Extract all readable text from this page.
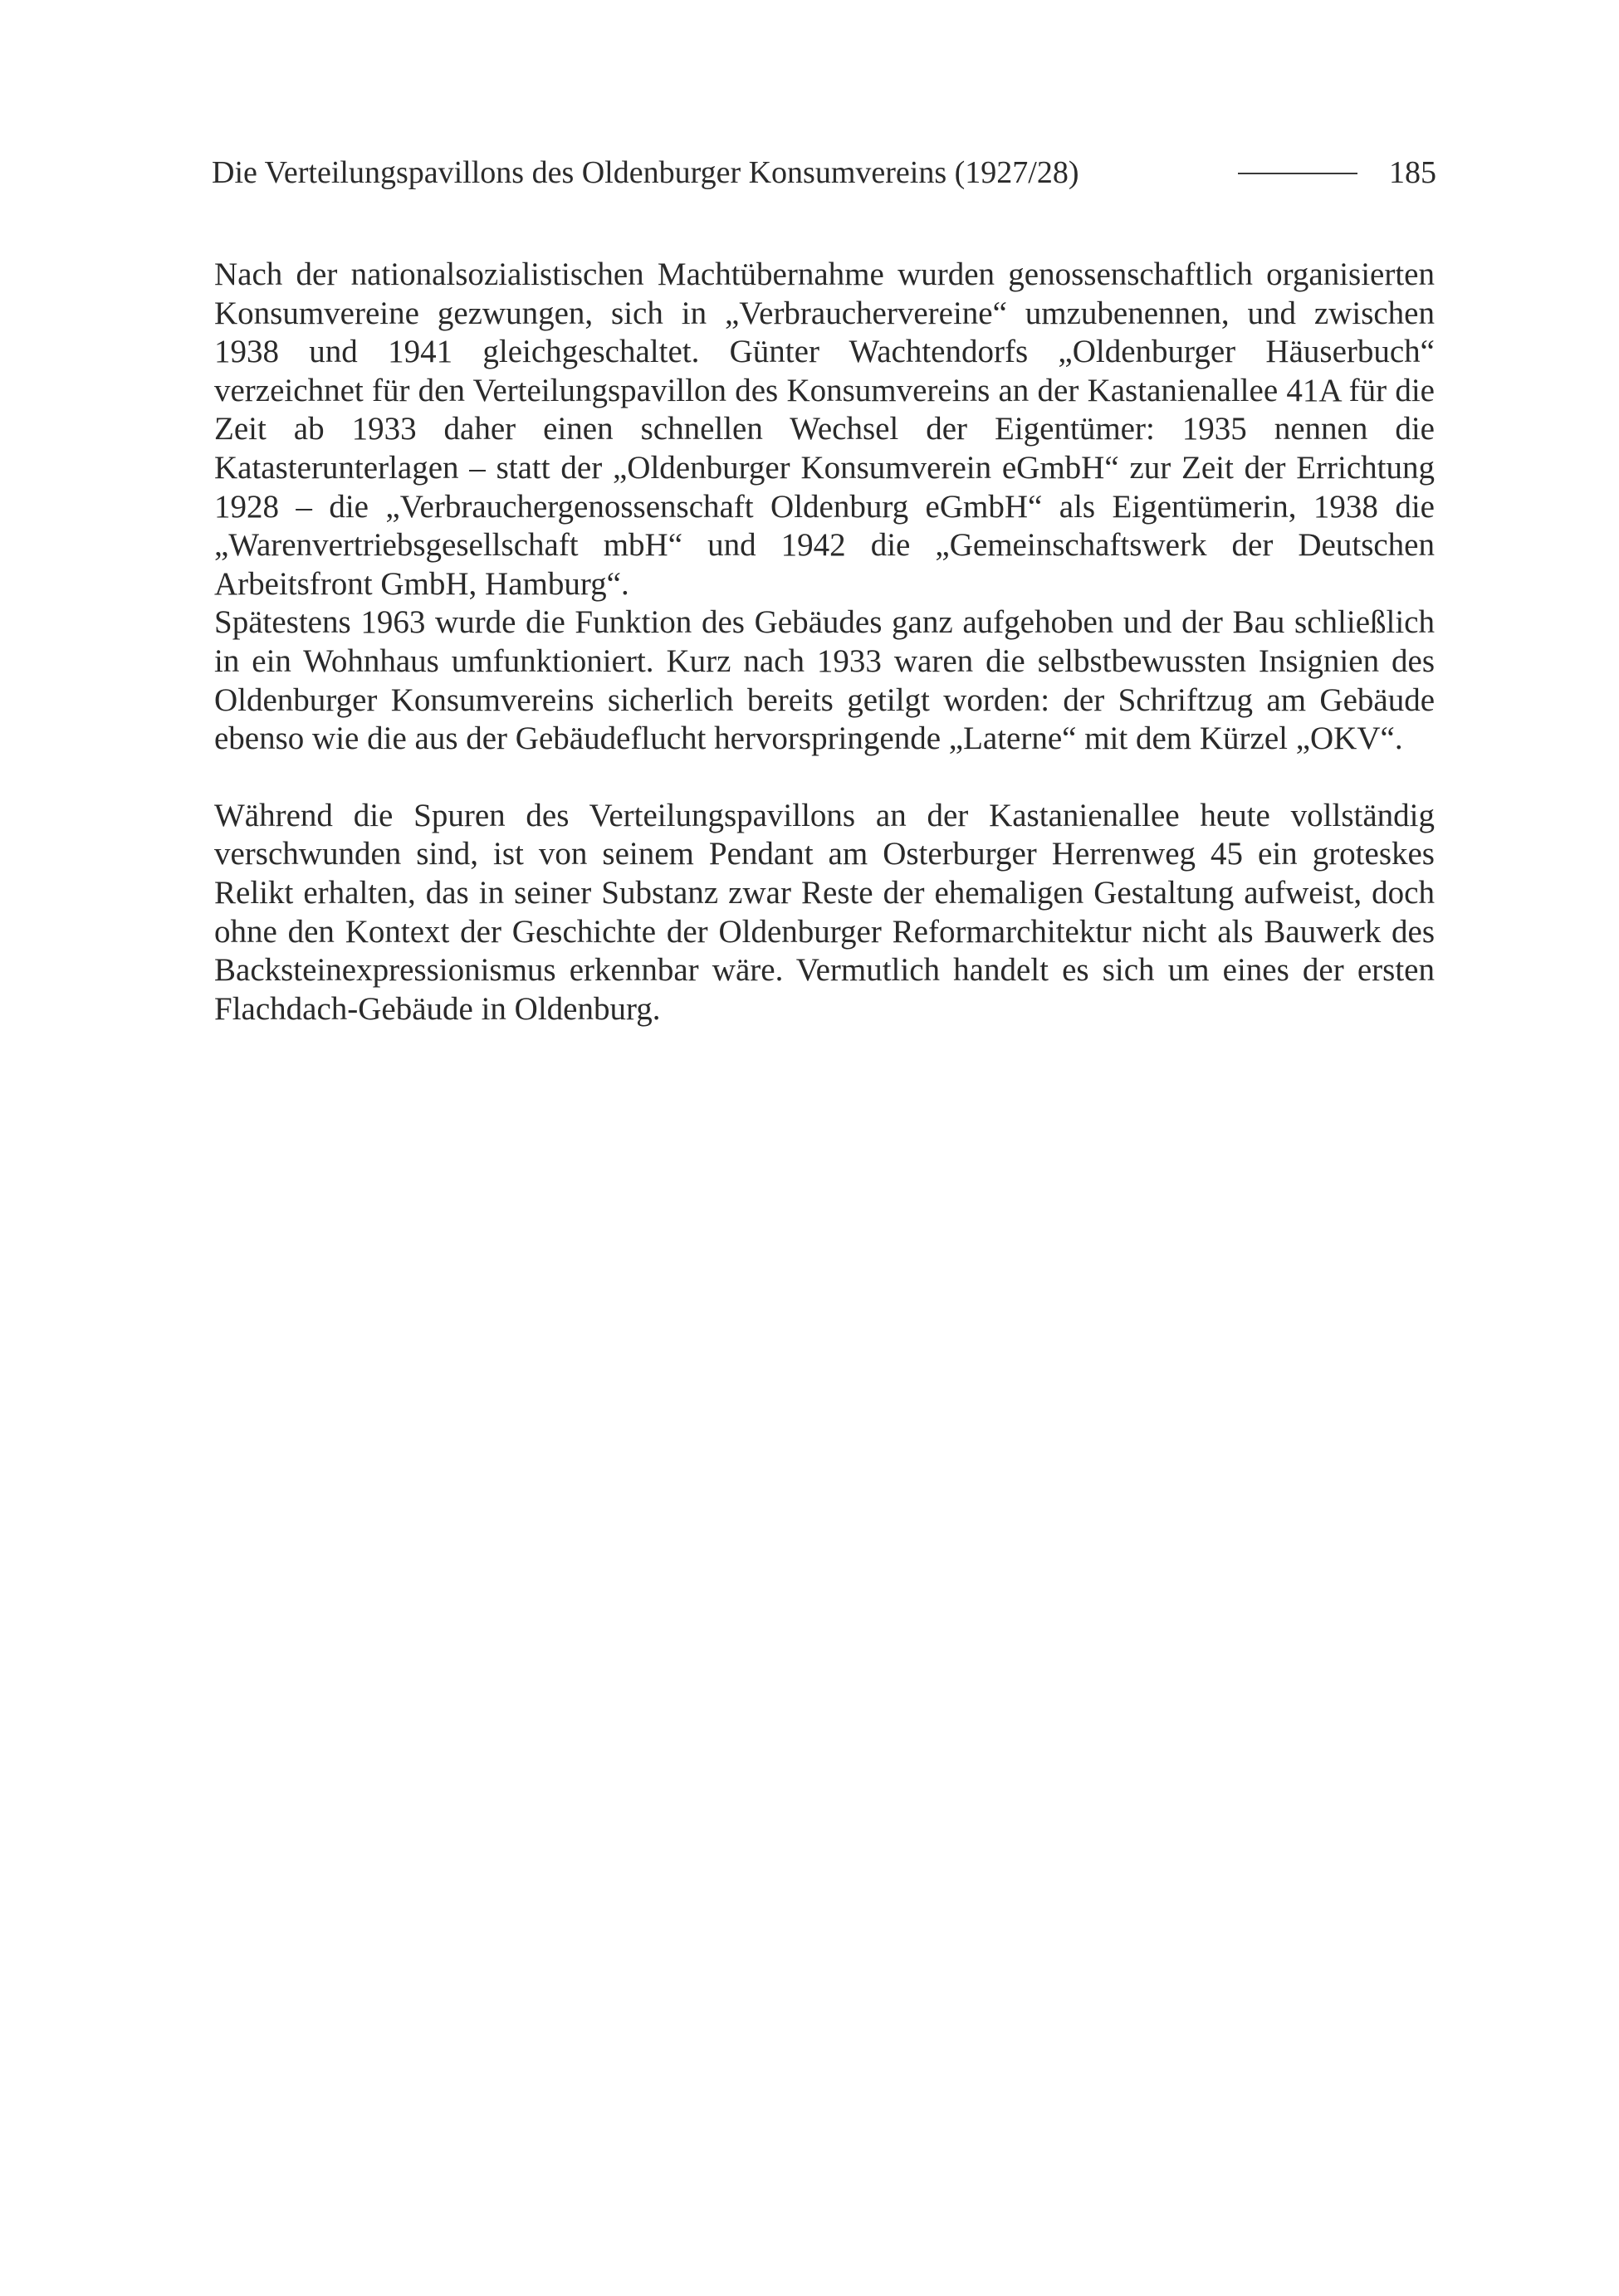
Die Verteilungspavillons des Oldenburger Konsumvereins (1927/28)	185

Nach der nationalsozialistischen Machtübernahme wurden genossenschaftlich organisierten Konsumvereine gezwungen, sich in „Verbrauchervereine“ umzubenennen, und zwischen 1938 und 1941 gleichgeschaltet. Günter Wachtendorfs „Oldenburger Häuserbuch“ verzeichnet für den Verteilungspavillon des Konsumvereins an der Kastanienallee 41A für die Zeit ab 1933 daher einen schnellen Wechsel der Eigentümer: 1935 nennen die Katasterunterlagen – statt der „Oldenburger Konsumverein eGmbH“ zur Zeit der Errichtung 1928 – die „Verbrauchergenossenschaft Oldenburg eGmbH“ als Eigentümerin, 1938 die „Warenvertriebsgesellschaft mbH“ und 1942 die „Gemeinschaftswerk der Deutschen Arbeitsfront GmbH, Hamburg“.

Spätestens 1963 wurde die Funktion des Gebäudes ganz aufgehoben und der Bau schließlich in ein Wohnhaus umfunktioniert. Kurz nach 1933 waren die selbstbewussten Insignien des Oldenburger Konsumvereins sicherlich bereits getilgt worden: der Schriftzug am Gebäude ebenso wie die aus der Gebäudeflucht hervorspringende „Laterne“ mit dem Kürzel „OKV“.

Während die Spuren des Verteilungspavillons an der Kastanienallee heute vollständig verschwunden sind, ist von seinem Pendant am Osterburger Herrenweg 45 ein groteskes Relikt erhalten, das in seiner Substanz zwar Reste der ehemaligen Gestaltung aufweist, doch ohne den Kontext der Geschichte der Oldenburger Reformarchitektur nicht als Bauwerk des Backsteinexpressionismus erkennbar wäre. Vermutlich handelt es sich um eines der ersten Flachdach-Gebäude in Oldenburg.
